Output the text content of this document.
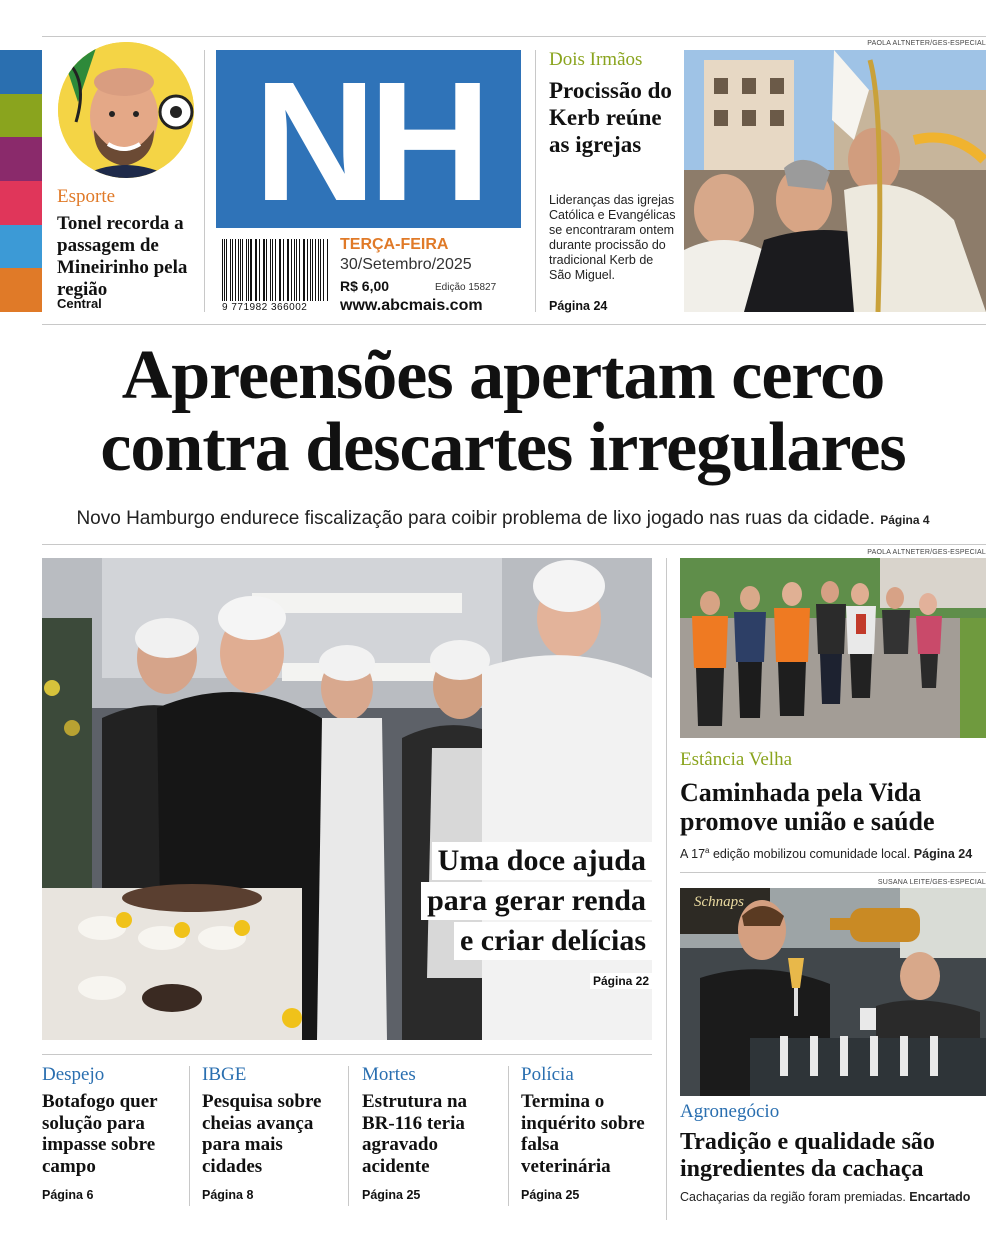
Esporte
Tonel recorda a passagem de Mineirinho pela região
Central
NH
9 771982 366002
TERÇA-FEIRA
30/Setembro/2025
R$ 6,00	Edição 15827
www.abcmais.com
Dois Irmãos
Procissão do Kerb reúne as igrejas
Lideranças das igrejas Católica e Evangélicas se encontraram ontem durante procissão do tradicional Kerb de São Miguel.
Página 24
PAOLA ALTNETER/GES-ESPECIAL
Apreensões apertam cerco
contra descartes irregulares
Novo Hamburgo endurece fiscalização para coibir problema de lixo jogado nas ruas da cidade. Página 4
Uma doce ajuda
para gerar renda
e criar delícias
Página 22
PAOLA ALTNETER/GES-ESPECIAL
Estância Velha
Caminhada pela Vida promove união e saúde
A 17$^a$ edição mobilizou comunidade local. Página 24
SUSANA LEITE/GES-ESPECIAL
Schnaps
Agronegócio
Tradição e qualidade são ingredientes da cachaça
Cachaçarias da região foram premiadas. Encartado
Despejo
Botafogo quer solução para impasse sobre campo
Página 6
IBGE
Pesquisa sobre cheias avança para mais cidades
Página 8
Mortes
Estrutura na BR-116 teria agravado acidente
Página 25
Polícia
Termina o inquérito sobre falsa veterinária
Página 25
